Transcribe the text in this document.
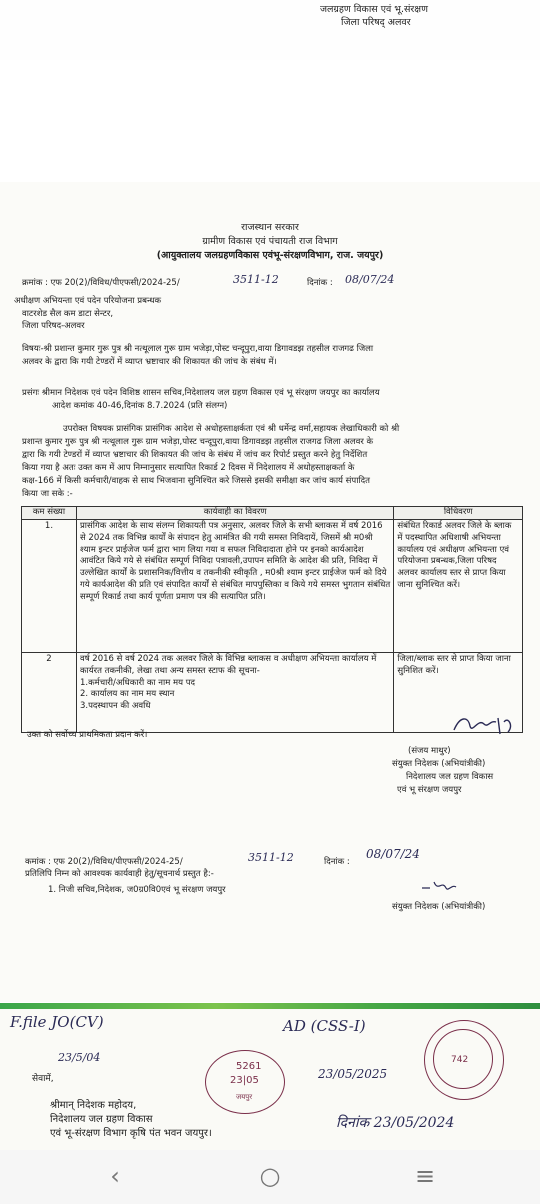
जलग्रहण विकास एवं भू.संरक्षण
जिला परिषद् अलवर
राजस्थान सरकार
ग्रामीण विकास एवं पंचायती राज विभाग
(आयुक्तालय जलग्रहणविकास एवंभू-संरक्षणविभाग, राज. जयपुर)
क्रमांक : एफ 20(2)/विविध/पीएफसी/2024-25/	3511-12	दिनांक : 08/07/24
अधीक्षण अभियन्ता एवं पदेन परियोजना प्रबन्धक
वाटरशेड सैल कम डाटा सेन्टर,
जिला परिषद-अलवर
विषयः-श्री प्रशान्त कुमार गुरू पुत्र श्री नत्थूलाल गुरू ग्राम भजेड़ा,पोस्ट चन्दूपुरा,वाया डिगावडझ तहसील राजगढ जिला
अलवर के द्वारा कि गयी टेण्डरों में व्याप्त भ्रष्टाचार की शिकायत की जांच के संबंध में।
प्रसंगः श्रीमान निदेशक एवं पदेन विशिष्ठ शासन सचिव,निदेशालय जल ग्रहण विकास एवं भू संरक्षण जयपुर का कार्यालय
आदेश कमांक 40-46,दिनांक 8.7.2024 (प्रति संलग्न)
उपरोक्त विषयक प्रासंगिक प्रासंगिक आदेश से अधोहस्ताक्षर्कता एवं श्री धर्मेन्द्र वर्मा,सहायक लेखाधिकारी को श्री
प्रशान्त कुमार गुरू पुत्र श्री नत्थूलाल गुरू ग्राम भजेड़ा,पोस्ट चन्दूपुरा,वाया डिगावडझ तहसील राजगढ जिला अलवर के
द्वारा कि गयी टेण्डरों में व्याप्त भ्रष्टाचार की शिकायत की जांच के संबंध में जांच कर रिपोर्ट प्रस्तुत करने हेतु निर्देशित
किया गया है अतः उक्त कम में आप निम्नानुसार सत्यापित रिकार्ड 2 दिवस में निदेशालय में अधोहस्ताक्षकर्ता के
कक्ष-166 में किसी कर्मचारी/वाहक से साथ भिजवाना सुनिश्चित करे जिससे इसकी समीक्षा कर जांच कार्य संपादित
किया जा सके :-
कम संख्या	कार्यवाही का विवरण	विधिवरण
1.	प्रासंगिक आदेश के साथ संलग्न शिकायती पत्र अनुसार, अलवर जिले के सभी ब्लाकस में वर्ष 2016 से 2024 तक विभिन्न कार्यों के संपादन हेतु आमंत्रित की गयी समस्त निविदायें, जिसमें श्री म0श्री श्याम इन्टर प्राईजेज फर्म द्वारा भाग लिया गया व सफल निविदादाता होने पर इनको कार्यआदेश आवंटित किये गये से संबंधित सम्पूर्ण निविदा पत्रावली,उपापन समिति के आदेश की प्रति, निविदा में उल्लेखित कार्यों के प्रशासनिक/वित्तीय व तकनीकी स्वीकृति , म0श्री श्याम इन्टर प्राईजेज फर्म को दिये गये कार्यआदेश की प्रति एवं संपादित कार्यों से संबंधित मापपुस्तिका व किये गये समस्त भुगतान संबंधित सम्पूर्ण रिकार्ड तथा कार्य पूर्णता प्रमाण पत्र की सत्यापित प्रति।	संबंधित रिकार्ड अलवर जिले के ब्लाक में पदस्थापित अधिशाषी अभियन्ता कार्यालय एवं अधीक्षण अभियन्ता एवं परियोजना प्रबन्धक,जिला परिषद अलवर कार्यालय स्तर से प्राप्त किया जाना सुनिश्चित करें।
2	वर्ष 2016 से वर्ष 2024 तक अलवर जिले के विभिन्न ब्लाकस व अधीक्षण अभियन्ता कार्यालय में कार्यरत तकनीकी, लेखा तथा अन्य समस्त स्टाफ की सूचना-
1.कर्मचारी/अधिकारी का नाम मय पद
2. कार्यालय का नाम मय स्थान
3.पदस्थापन की अवधि	जिला/ब्लाक स्तर से प्राप्त किया जाना सुनिशित करें।
उक्त को सर्वोच्च प्राथमिकता प्रदान करें।
(संजय माथुर)
संयुक्त निदेशक (अभियांत्रीकी)
निदेशालय जल ग्रहण विकास
एवं भू संरक्षण जयपुर
कमांक : एफ 20(2)/विविध/पीएफसी/2024-25/	3511-12	दिनांक :
08/07/24
प्रतिलिपि निम्न को आवश्यक कार्यवाही हेतु/सूचनार्थ प्रस्तुत है:-
1. निजी सचिव,निदेशक, ज0ग्र0वि0एवं भू संरक्षण जयपुर
संयुक्त निदेशक (अभियांत्रीकी)
F.file JO(CV)
23/5/04
सेवामें,
श्रीमान् निदेशक महोदय,
निदेशालय जल ग्रहण विकास
एवं भू-संरक्षण विभाग कृषि पंत भवन जयपुर।
5261
23|05
जयपुर
AD (CSS-I)
23/05/2025
दिनांक 23/05/2024
742
‹	○	≡
